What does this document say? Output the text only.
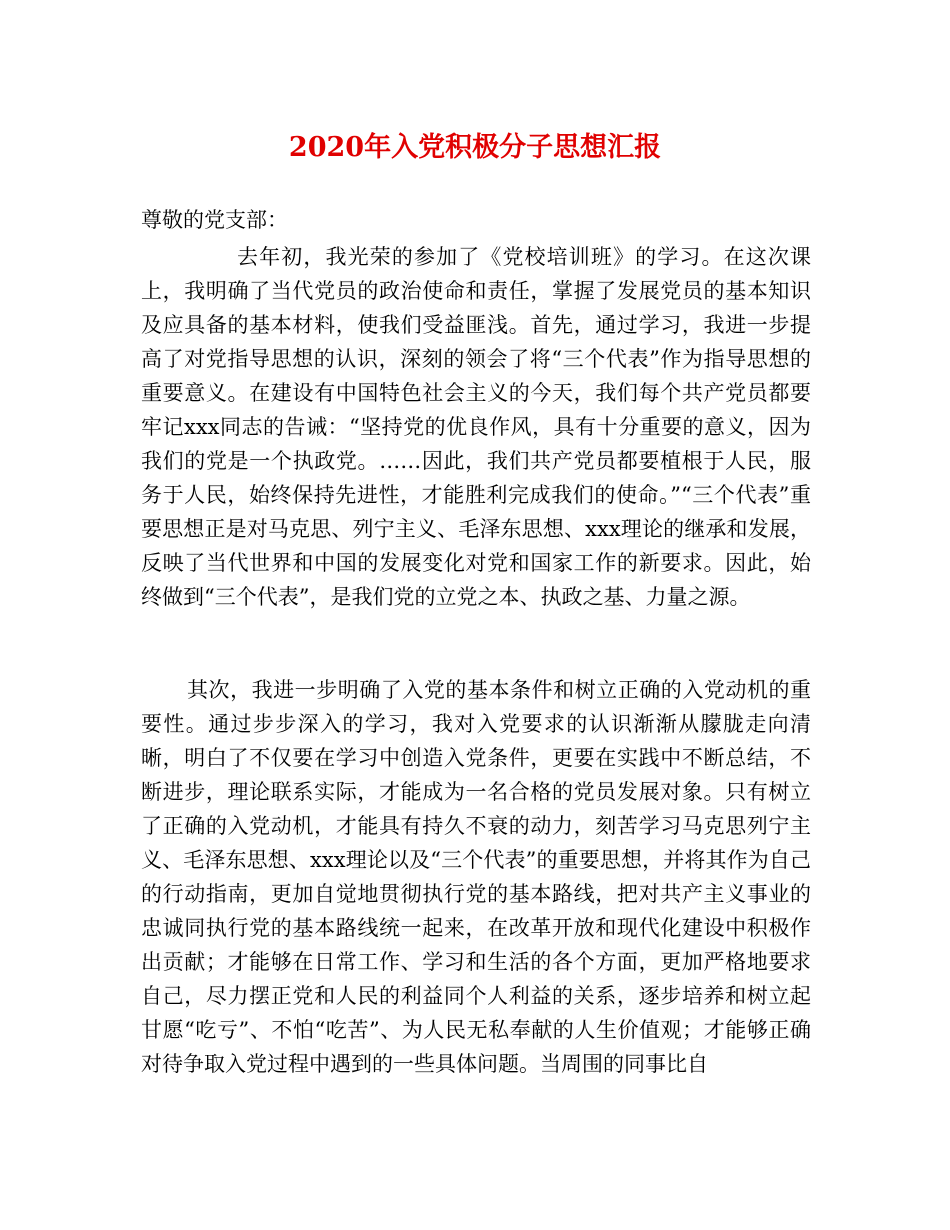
2020年入党积极分子思想汇报

尊敬的党支部：

去年初，我光荣的参加了《党校培训班》的学习。在这次课上，我明确了当代党员的政治使命和责任，掌握了发展党员的基本知识及应具备的基本材料，使我们受益匪浅。首先，通过学习，我进一步提高了对党指导思想的认识，深刻的领会了将“三个代表”作为指导思想的重要意义。在建设有中国特色社会主义的今天，我们每个共产党员都要牢记xxx同志的告诫：“坚持党的优良作风，具有十分重要的意义，因为我们的党是一个执政党。……因此，我们共产党员都要植根于人民，服务于人民，始终保持先进性，才能胜利完成我们的使命。”“三个代表”重要思想正是对马克思、列宁主义、毛泽东思想、xxx理论的继承和发展，反映了当代世界和中国的发展变化对党和国家工作的新要求。因此，始终做到“三个代表”，是我们党的立党之本、执政之基、力量之源。

其次，我进一步明确了入党的基本条件和树立正确的入党动机的重要性。通过步步深入的学习，我对入党要求的认识渐渐从朦胧走向清晰，明白了不仅要在学习中创造入党条件，更要在实践中不断总结，不断进步，理论联系实际，才能成为一名合格的党员发展对象。只有树立了正确的入党动机，才能具有持久不衰的动力，刻苦学习马克思列宁主义、毛泽东思想、xxx理论以及“三个代表”的重要思想，并将其作为自己的行动指南，更加自觉地贯彻执行党的基本路线，把对共产主义事业的忠诚同执行党的基本路线统一起来，在改革开放和现代化建设中积极作出贡献；才能够在日常工作、学习和生活的各个方面，更加严格地要求自己，尽力摆正党和人民的利益同个人利益的关系，逐步培养和树立起甘愿“吃亏”、不怕“吃苦”、为人民无私奉献的人生价值观；才能够正确对待争取入党过程中遇到的一些具体问题。当周围的同事比自
